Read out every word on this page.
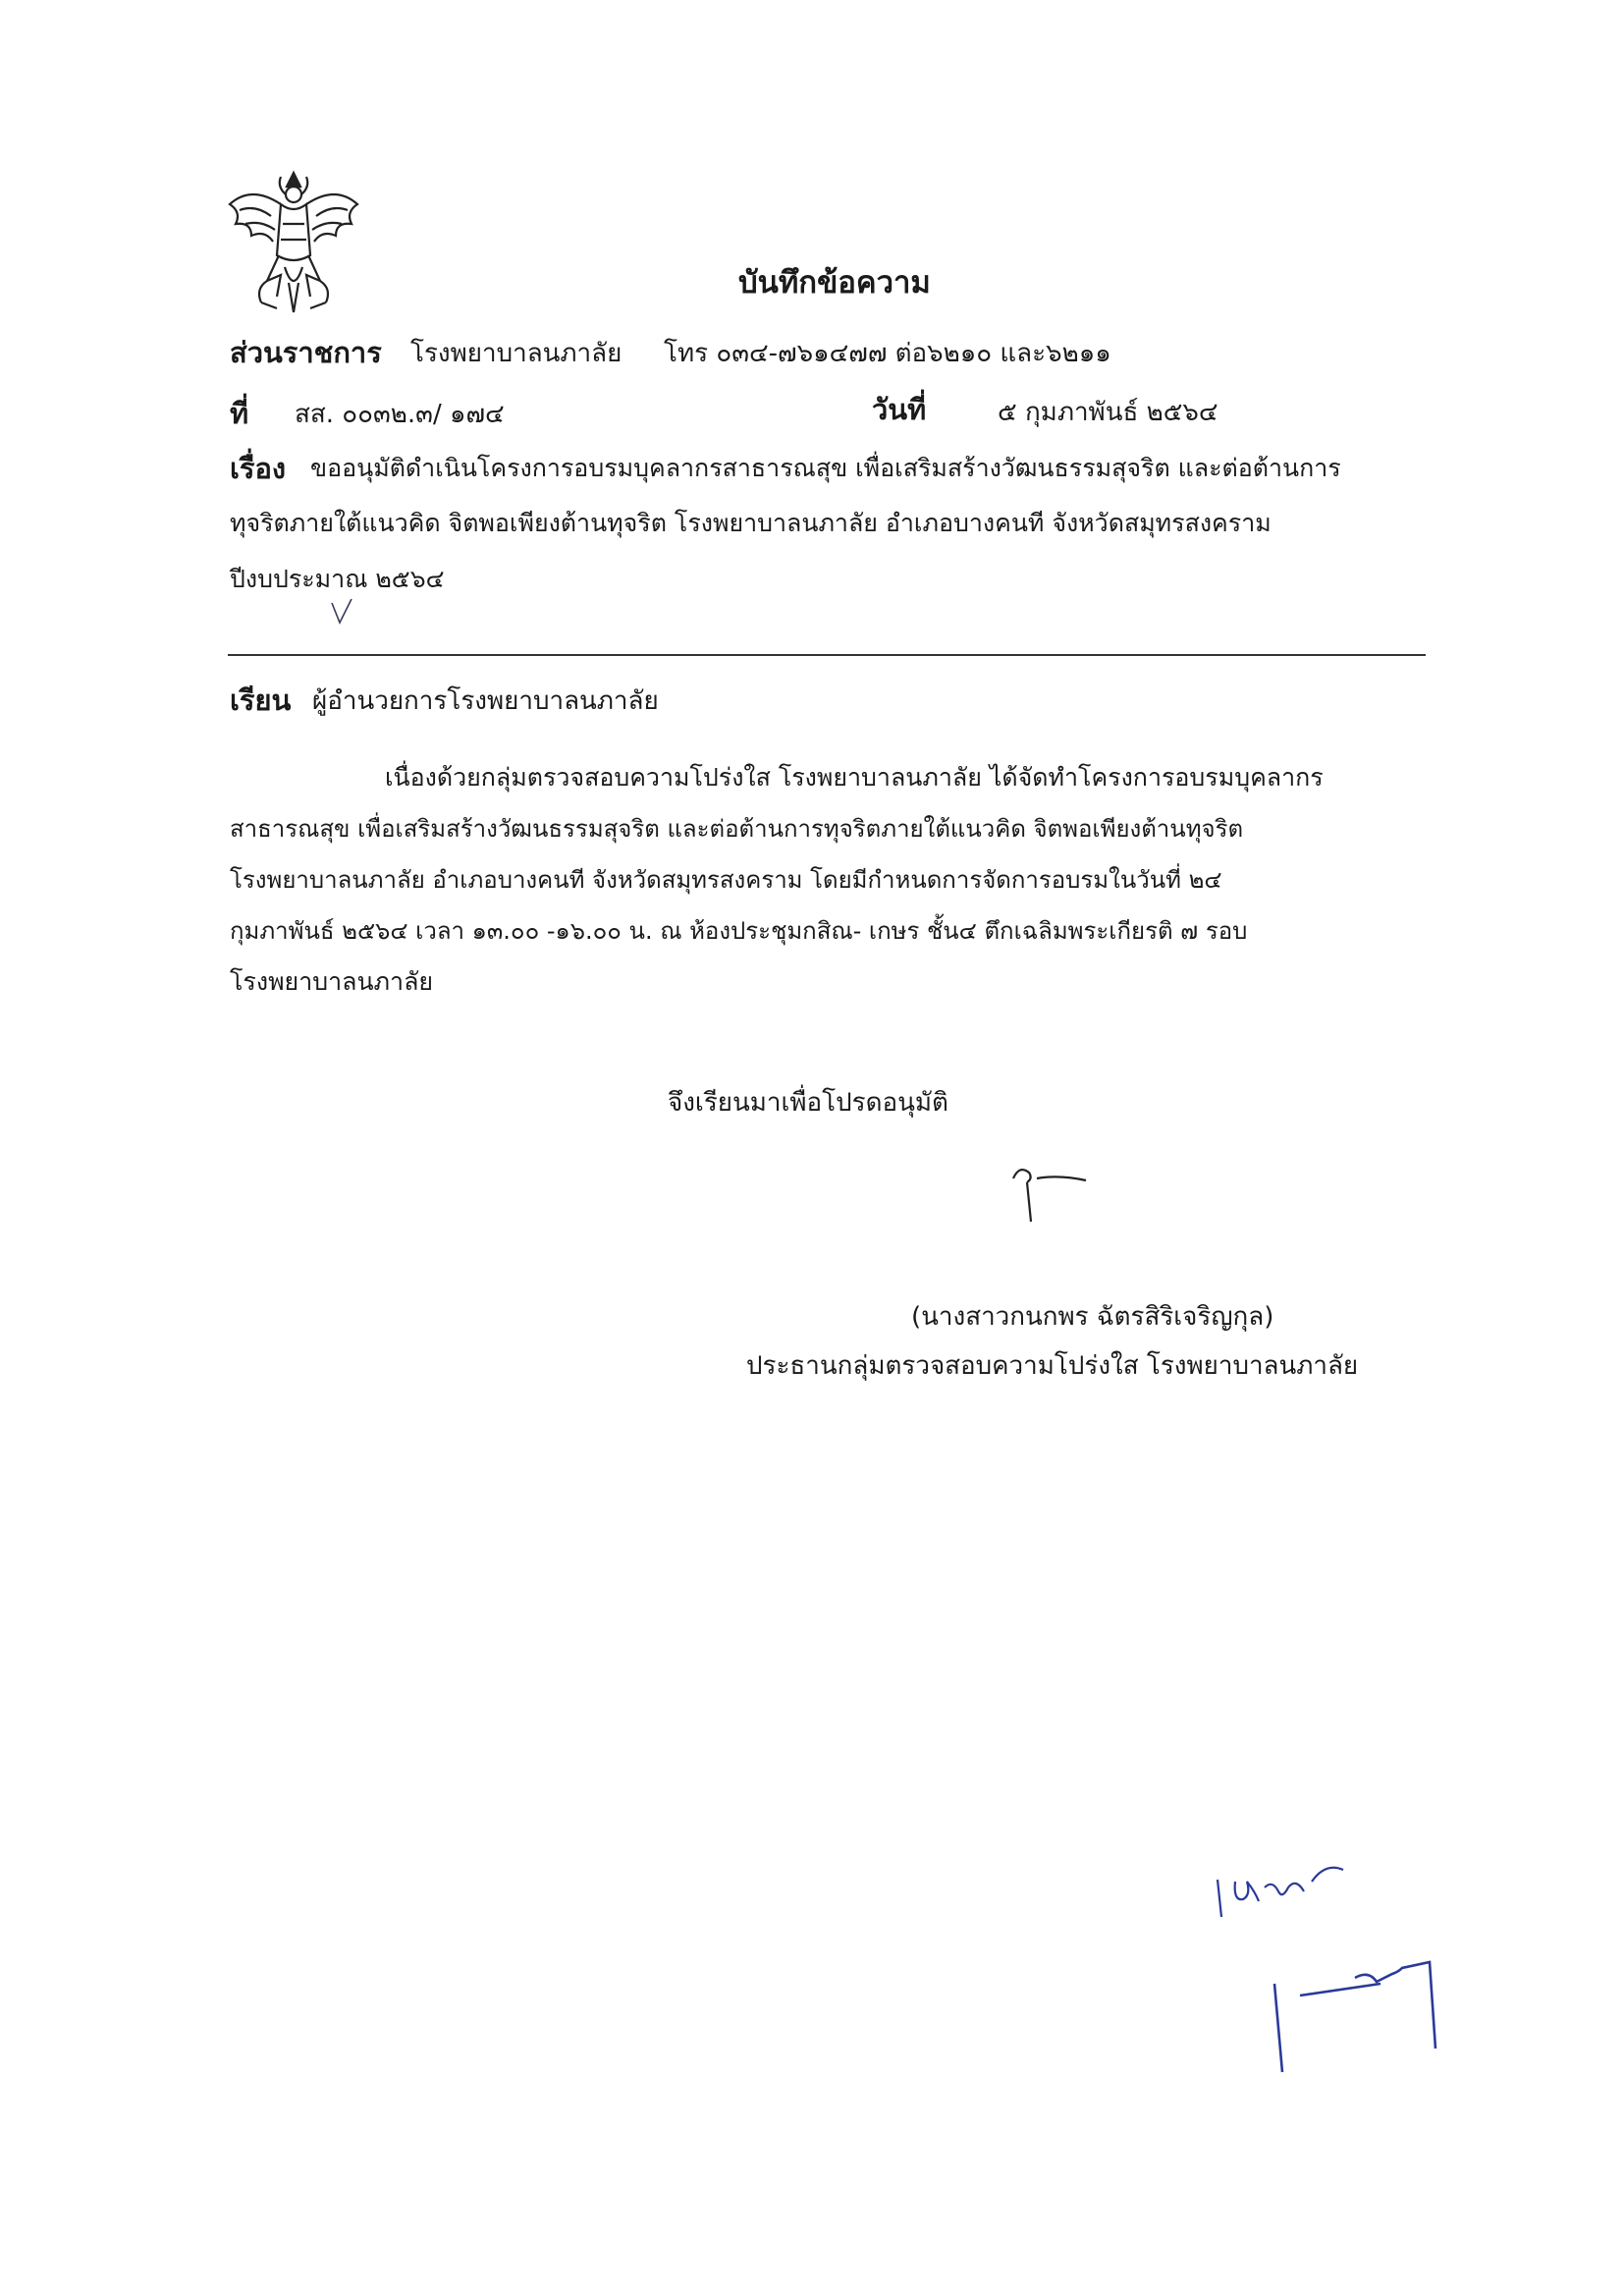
บันทึกข้อความ
ส่วนราชการ โรงพยาบาลนภาลัย โทร ๐๓๔-๗๖๑๔๗๗ ต่อ๖๒๑๐ และ๖๒๑๑
ที่ สส. ๐๐๓๒.๓/ ๑๗๔	วันที่	๕ กุมภาพันธ์ ๒๕๖๔
เรื่อง ขออนุมัติดำเนินโครงการอบรมบุคลากรสาธารณสุข เพื่อเสริมสร้างวัฒนธรรมสุจริต และต่อต้านการ
ทุจริตภายใต้แนวคิด จิตพอเพียงต้านทุจริต โรงพยาบาลนภาลัย อำเภอบางคนที จังหวัดสมุทรสงคราม
ปีงบประมาณ ๒๕๖๔
เรียน ผู้อำนวยการโรงพยาบาลนภาลัย
เนื่องด้วยกลุ่มตรวจสอบความโปร่งใส โรงพยาบาลนภาลัย ได้จัดทำโครงการอบรมบุคลากร
สาธารณสุข เพื่อเสริมสร้างวัฒนธรรมสุจริต และต่อต้านการทุจริตภายใต้แนวคิด จิตพอเพียงต้านทุจริต
โรงพยาบาลนภาลัย อำเภอบางคนที จังหวัดสมุทรสงคราม โดยมีกำหนดการจัดการอบรมในวันที่ ๒๔
กุมภาพันธ์ ๒๕๖๔ เวลา ๑๓.๐๐ -๑๖.๐๐ น. ณ ห้องประชุมกสิณ- เกษร ชั้น๔ ตึกเฉลิมพระเกียรติ ๗ รอบ
โรงพยาบาลนภาลัย
จึงเรียนมาเพื่อโปรดอนุมัติ
(นางสาวกนกพร ฉัตรสิริเจริญกุล)
ประธานกลุ่มตรวจสอบความโปร่งใส โรงพยาบาลนภาลัย
